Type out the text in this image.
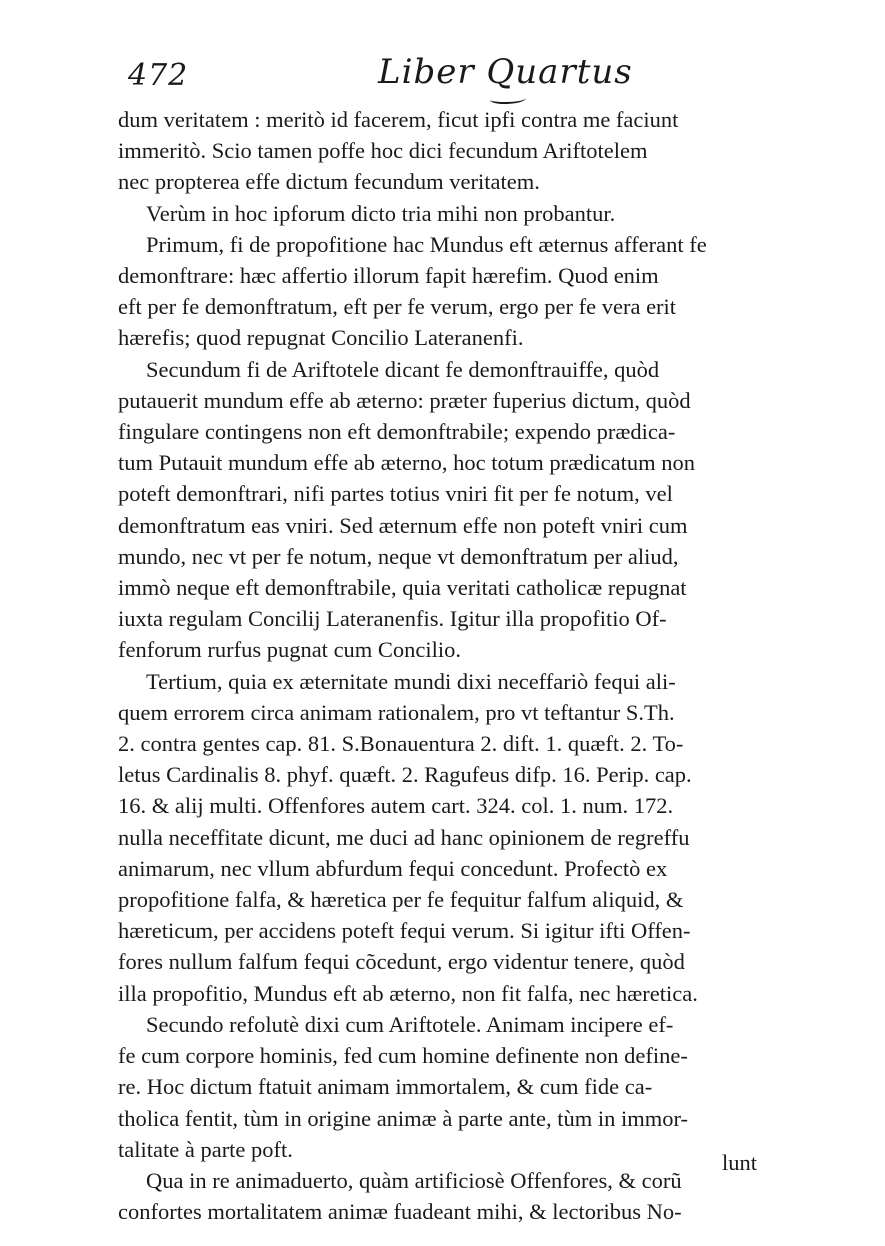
472	Liber Quartus
dum veritatem : meritò id facerem, ficut ipfi contra me faciunt
immeritò. Scio tamen poffe hoc dici fecundum Ariftotelem
nec propterea effe dictum fecundum veritatem.
Verùm in hoc ipforum dicto tria mihi non probantur.
Primum, fi de propofitione hac Mundus eft æternus afferant fe
demonftrare: hæc affertio illorum fapit hærefim. Quod enim
eft per fe demonftratum, eft per fe verum, ergo per fe vera erit
hærefis; quod repugnat Concilio Lateranenfi.
Secundum fi de Ariftotele dicant fe demonftrauiffe, quòd
putauerit mundum effe ab æterno: præter fuperius dictum, quòd
fingulare contingens non eft demonftrabile; expendo prædica-
tum Putauit mundum effe ab æterno, hoc totum prædicatum non
poteft demonftrari, nifi partes totius vniri fit per fe notum, vel
demonftratum eas vniri. Sed æternum effe non poteft vniri cum
mundo, nec vt per fe notum, neque vt demonftratum per aliud,
immò neque eft demonftrabile, quia veritati catholicæ repugnat
iuxta regulam Concilij Lateranenfis. Igitur illa propofitio Of-
fenforum rurfus pugnat cum Concilio.
Tertium, quia ex æternitate mundi dixi neceffariò fequi ali-
quem errorem circa animam rationalem, pro vt teftantur S.Th.
2. contra gentes cap. 81. S.Bonauentura 2. dift. 1. quæft. 2. To-
letus Cardinalis 8. phyf. quæft. 2. Ragufeus difp. 16. Perip. cap.
16. & alij multi. Offenfores autem cart. 324. col. 1. num. 172.
nulla neceffitate dicunt, me duci ad hanc opinionem de regreffu
animarum, nec vllum abfurdum fequi concedunt. Profectò ex
propofitione falfa, & hæretica per fe fequitur falfum aliquid, &
hæreticum, per accidens poteft fequi verum. Si igitur ifti Offen-
fores nullum falfum fequi cõcedunt, ergo videntur tenere, quòd
illa propofitio, Mundus eft ab æterno, non fit falfa, nec hæretica.
Secundo refolutè dixi cum Ariftotele. Animam incipere ef-
fe cum corpore hominis, fed cum homine definente non define-
re. Hoc dictum ftatuit animam immortalem, & cum fide ca-
tholica fentit, tùm in origine animæ à parte ante, tùm in immor-
talitate à parte poft.
Qua in re animaduerto, quàm artificiosè Offenfores, & corũ
confortes mortalitatem animæ fuadeant mihi, & lectoribus No-
lunt
